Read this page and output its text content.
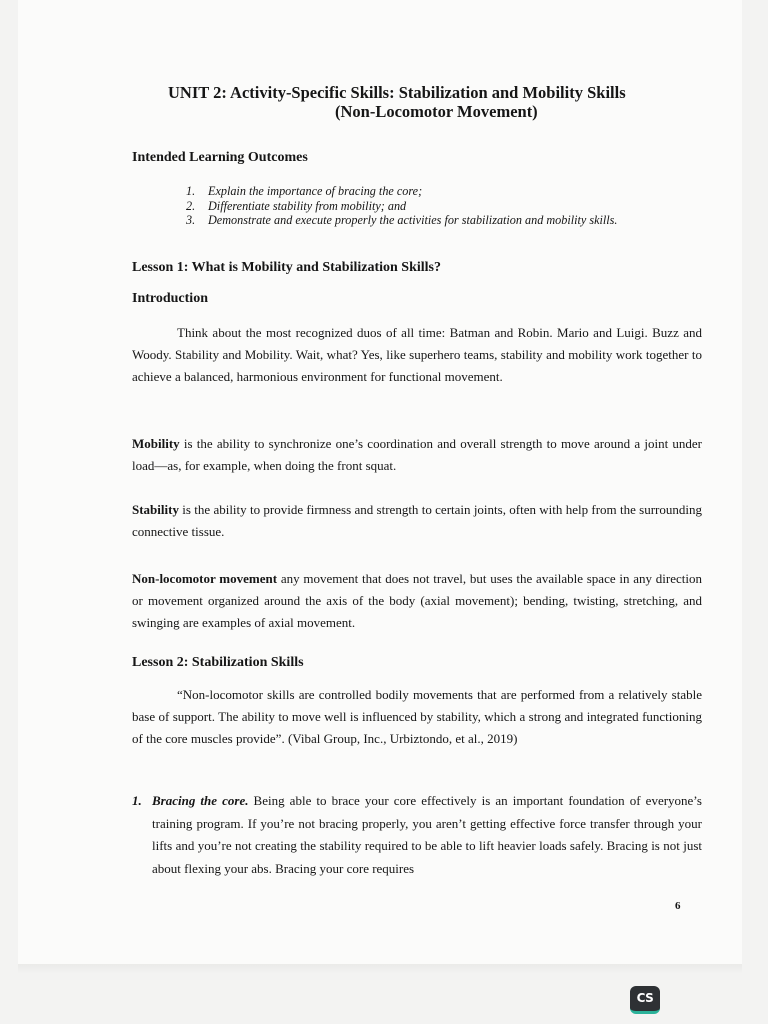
UNIT 2: Activity-Specific Skills: Stabilization and Mobility Skills

(Non-Locomotor Movement)

Intended Learning Outcomes

1. Explain the importance of bracing the core;
2. Differentiate stability from mobility; and
3. Demonstrate and execute properly the activities for stabilization and mobility skills.

Lesson 1: What is Mobility and Stabilization Skills?

Introduction

Think about the most recognized duos of all time: Batman and Robin. Mario and Luigi. Buzz and Woody. Stability and Mobility. Wait, what? Yes, like superhero teams, stability and mobility work together to achieve a balanced, harmonious environment for functional movement.

Mobility is the ability to synchronize one’s coordination and overall strength to move around a joint under load—as, for example, when doing the front squat.

Stability is the ability to provide firmness and strength to certain joints, often with help from the surrounding connective tissue.

Non-locomotor movement any movement that does not travel, but uses the available space in any direction or movement organized around the axis of the body (axial movement); bending, twisting, stretching, and swinging are examples of axial movement.

Lesson 2: Stabilization Skills

“Non-locomotor skills are controlled bodily movements that are performed from a relatively stable base of support. The ability to move well is influenced by stability, which a strong and integrated functioning of the core muscles provide”. (Vibal Group, Inc., Urbiztondo, et al., 2019)

1. Bracing the core. Being able to brace your core effectively is an important foundation of everyone’s training program. If you’re not bracing properly, you aren’t getting effective force transfer through your lifts and you’re not creating the stability required to be able to lift heavier loads safely. Bracing is not just about flexing your abs. Bracing your core requires

6

CS
